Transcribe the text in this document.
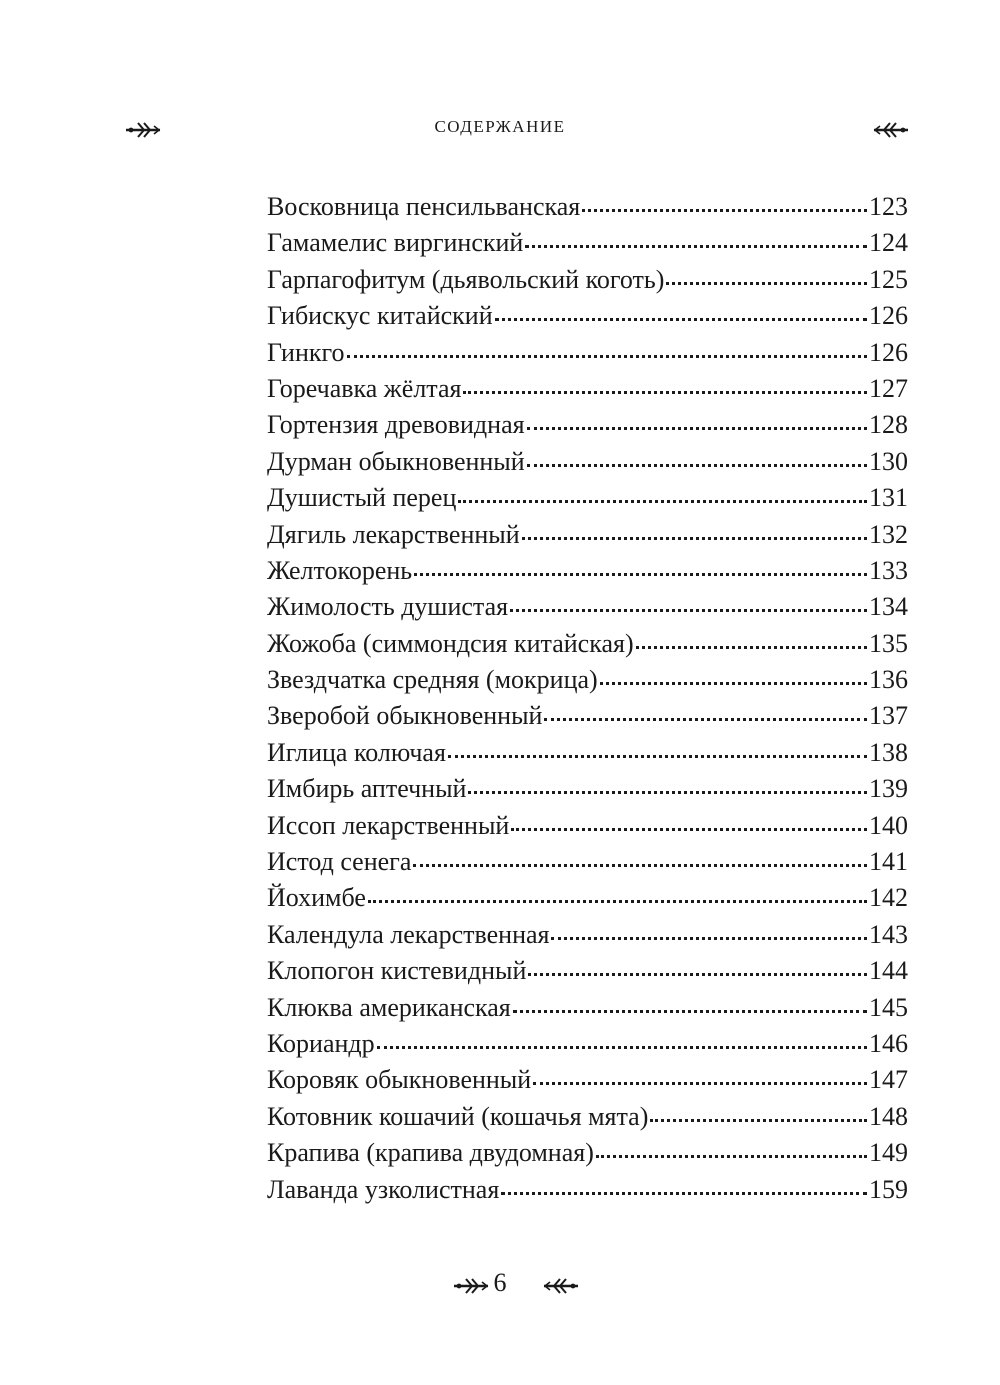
СОДЕРЖАНИЕ
Восковница пенсильванская	123
Гамамелис виргинский	124
Гарпагофитум (дьявольский коготь)	125
Гибискус китайский	126
Гинкго	126
Горечавка жёлтая	127
Гортензия древовидная	128
Дурман обыкновенный	130
Душистый перец	131
Дягиль лекарственный	132
Желтокорень	133
Жимолость душистая	134
Жожоба (симмондсия китайская)	135
Звездчатка средняя (мокрица)	136
Зверобой обыкновенный	137
Иглица колючая	138
Имбирь аптечный	139
Иссоп лекарственный	140
Истод сенега	141
Йохимбе	142
Календула лекарственная	143
Клопогон кистевидный	144
Клюква американская	145
Кориандр	146
Коровяк обыкновенный	147
Котовник кошачий (кошачья мята)	148
Крапива (крапива двудомная)	149
Лаванда узколистная	159
6
